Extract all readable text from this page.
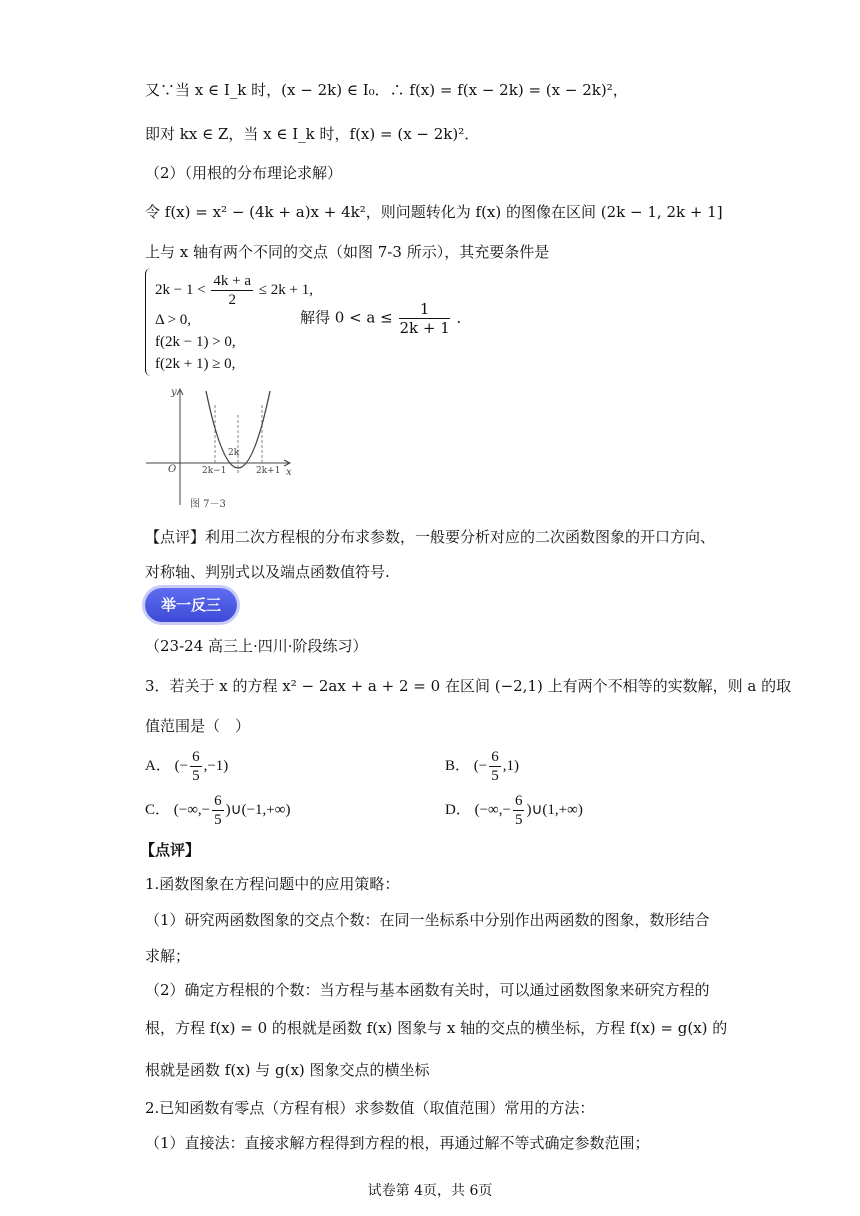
又∵当 x ∈ I_k 时，(x − 2k) ∈ I₀．∴ f(x) = f(x − 2k) = (x − 2k)²，
即对 kx ∈ Z，当 x ∈ I_k 时，f(x) = (x − 2k)²．
（2）（用根的分布理论求解）
令 f(x) = x² − (4k + a)x + 4k²，则问题转化为 f(x) 的图像在区间 (2k − 1, 2k + 1]
上与 x 轴有两个不同的交点（如图 7-3 所示），其充要条件是
$2k - 1 < \frac{4k + a}{2} \le 2k + 1$,
Δ > 0,
f(2k − 1) > 0,
f(2k + 1) ≥ 0,
解得 $0 < a \le \frac{1}{2k + 1}$ ．
y
x
O
2k
2k−1	2k+1
图 7－3
【点评】利用二次方程根的分布求参数，一般要分析对应的二次函数图象的开口方向、
对称轴、判别式以及端点函数值符号.
举一反三
（23-24 高三上·四川·阶段练习）
3．若关于 x 的方程 x² − 2ax + a + 2 = 0 在区间 (−2,1) 上有两个不相等的实数解，则 a 的取
值范围是（　）
A． (− $\frac{6}{5} ,-1$)	B． (− $\frac{6}{5} ,1$)
C． (−∞,− $\frac{6}{5}$ )∪(−1,+∞)	D． (−∞,− $\frac{6}{5}$ )∪(1,+∞)
【点评】
1.函数图象在方程问题中的应用策略：
（1）研究两函数图象的交点个数：在同一坐标系中分别作出两函数的图象，数形结合
求解；
（2）确定方程根的个数：当方程与基本函数有关时，可以通过函数图象来研究方程的
根，方程 f(x) = 0 的根就是函数 f(x) 图象与 x 轴的交点的横坐标，方程 f(x) = g(x) 的
根就是函数 f(x) 与 g(x) 图象交点的横坐标
2.已知函数有零点（方程有根）求参数值（取值范围）常用的方法：
（1）直接法：直接求解方程得到方程的根，再通过解不等式确定参数范围；
试卷第 4页，共 6页
